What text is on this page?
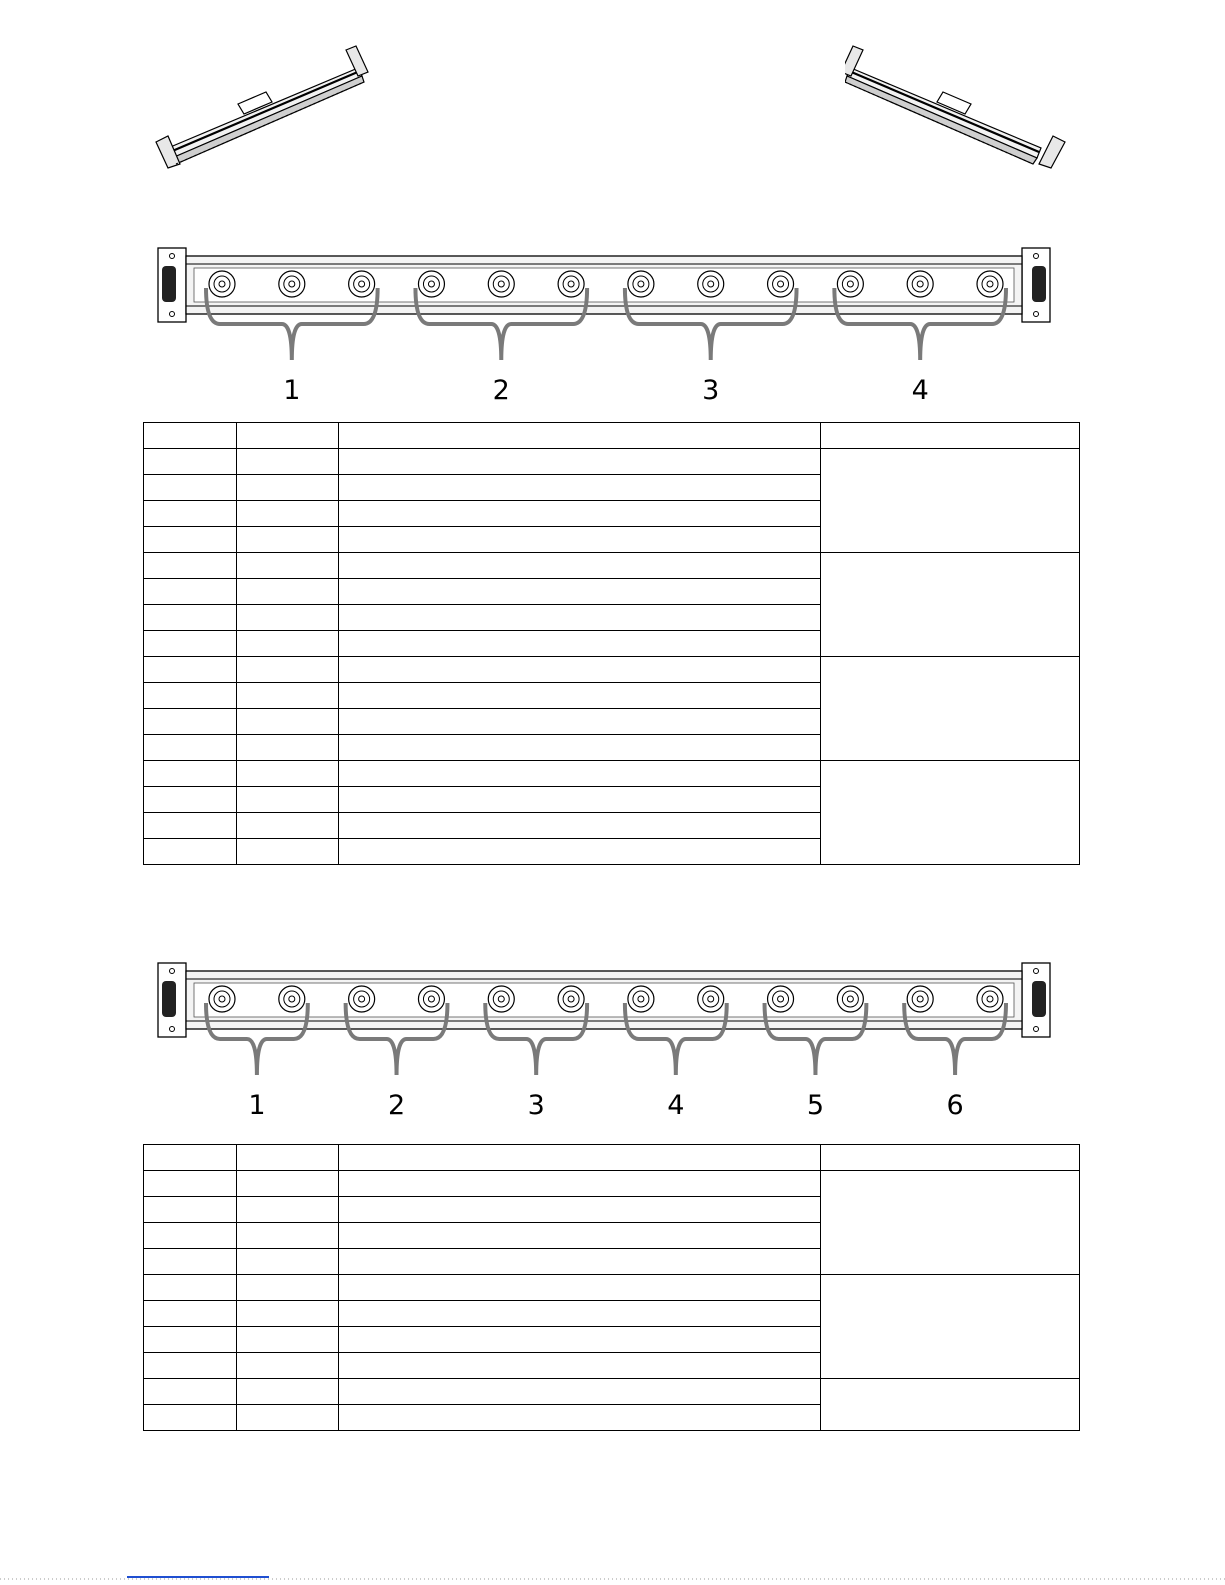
1	2	3	4

1	2	3	4	5	6
